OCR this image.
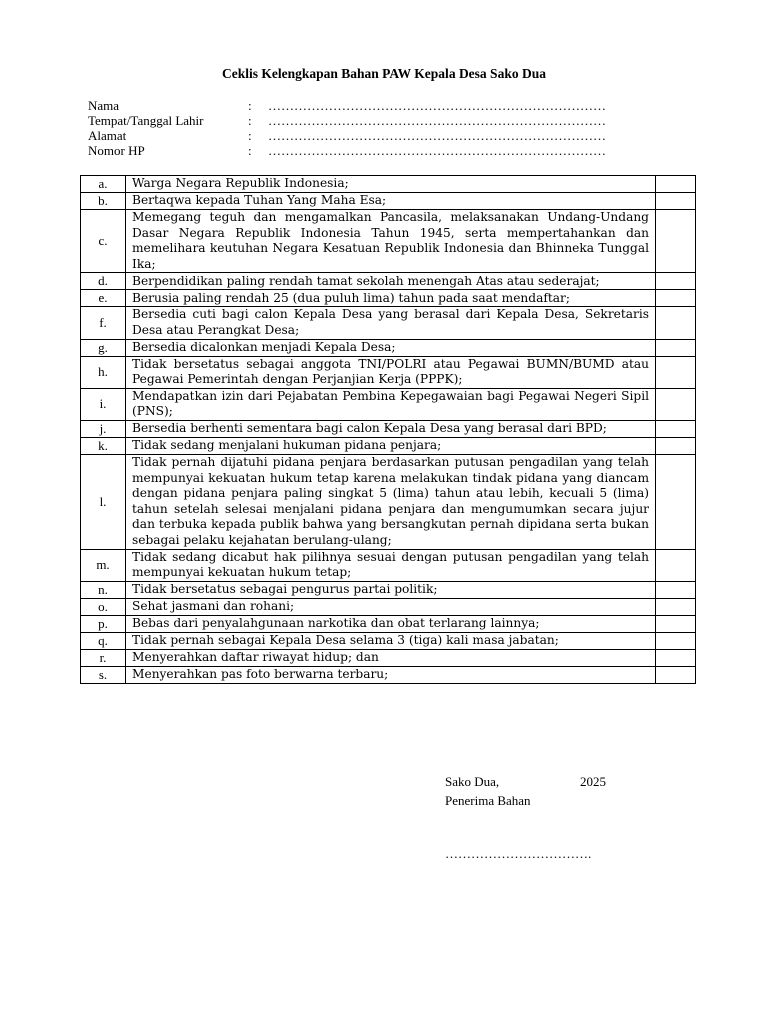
Ceklis Kelengkapan Bahan PAW Kepala Desa Sako Dua
Nama	:	……………………………………………………………………
Tempat/Tanggal Lahir	:	……………………………………………………………………
Alamat	:	……………………………………………………………………
Nomor HP	:	……………………………………………………………………
a.	Warga Negara Republik Indonesia;	
b.	Bertaqwa kepada Tuhan Yang Maha Esa;	
c.	Memegang teguh dan mengamalkan Pancasila, melaksanakan Undang-Undang Dasar Negara Republik Indonesia Tahun 1945, serta mempertahankan dan memelihara keutuhan Negara Kesatuan Republik Indonesia dan Bhinneka Tunggal Ika;	
d.	Berpendidikan paling rendah tamat sekolah menengah Atas atau sederajat;	
e.	Berusia paling rendah 25 (dua puluh lima) tahun pada saat mendaftar;	
f.	Bersedia cuti bagi calon Kepala Desa yang berasal dari Kepala Desa, Sekretaris Desa atau Perangkat Desa;	
g.	Bersedia dicalonkan menjadi Kepala Desa;	
h.	Tidak bersetatus sebagai anggota TNI/POLRI atau Pegawai BUMN/BUMD atau Pegawai Pemerintah dengan Perjanjian Kerja (PPPK);	
i.	Mendapatkan izin dari Pejabatan Pembina Kepegawaian bagi Pegawai Negeri Sipil (PNS);	
j.	Bersedia berhenti sementara bagi calon Kepala Desa yang berasal dari BPD;	
k.	Tidak sedang menjalani hukuman pidana penjara;	
l.	Tidak pernah dijatuhi pidana penjara berdasarkan putusan pengadilan yang telah mempunyai kekuatan hukum tetap karena melakukan tindak pidana yang diancam dengan pidana penjara paling singkat 5 (lima) tahun atau lebih, kecuali 5 (lima) tahun setelah selesai menjalani pidana penjara dan mengumumkan secara jujur dan terbuka kepada publik bahwa yang bersangkutan pernah dipidana serta bukan sebagai pelaku kejahatan berulang-ulang;	
m.	Tidak sedang dicabut hak pilihnya sesuai dengan putusan pengadilan yang telah mempunyai kekuatan hukum tetap;	
n.	Tidak bersetatus sebagai pengurus partai politik;	
o.	Sehat jasmani dan rohani;	
p.	Bebas dari penyalahgunaan narkotika dan obat terlarang lainnya;	
q.	Tidak pernah sebagai Kepala Desa selama 3 (tiga) kali masa jabatan;	
r.	Menyerahkan daftar riwayat hidup; dan	
s.	Menyerahkan pas foto berwarna terbaru;	
Sako Dua,	2025
Penerima Bahan
…………………………….
